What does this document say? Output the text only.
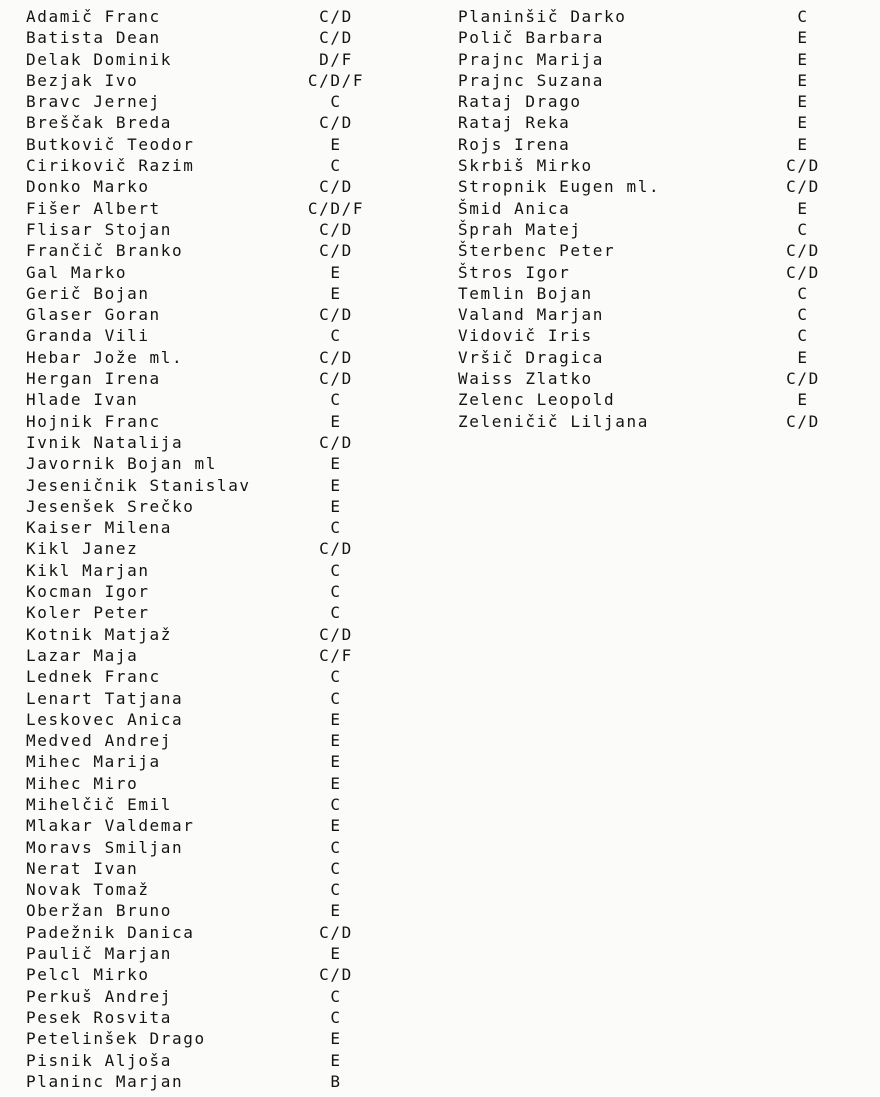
Adamič Franc	C/D
Batista Dean	C/D
Delak Dominik	D/F
Bezjak Ivo	C/D/F
Bravc Jernej	C
Breščak Breda	C/D
Butkovič Teodor	E
Cirikovič Razim	C
Donko Marko	C/D
Fišer Albert	C/D/F
Flisar Stojan	C/D
Frančič Branko	C/D
Gal Marko	E
Gerič Bojan	E
Glaser Goran	C/D
Granda Vili	C
Hebar Jože ml.	C/D
Hergan Irena	C/D
Hlade Ivan	C
Hojnik Franc	E
Ivnik Natalija	C/D
Javornik Bojan ml	E
Jeseničnik Stanislav	E
Jesenšek Srečko	E
Kaiser Milena	C
Kikl Janez	C/D
Kikl Marjan	C
Kocman Igor	C
Koler Peter	C
Kotnik Matjaž	C/D
Lazar Maja	C/F
Lednek Franc	C
Lenart Tatjana	C
Leskovec Anica	E
Medved Andrej	E
Mihec Marija	E
Mihec Miro	E
Mihelčič Emil	C
Mlakar Valdemar	E
Moravs Smiljan	C
Nerat Ivan	C
Novak Tomaž	C
Oberžan Bruno	E
Padežnik Danica	C/D
Paulič Marjan	E
Pelcl Mirko	C/D
Perkuš Andrej	C
Pesek Rosvita	C
Petelinšek Drago	E
Pisnik Aljoša	E
Planinc Marjan	B
Planinšič Darko	C
Polič Barbara	E
Prajnc Marija	E
Prajnc Suzana	E
Rataj Drago	E
Rataj Reka	E
Rojs Irena	E
Skrbiš Mirko	C/D
Stropnik Eugen ml.	C/D
Šmid Anica	E
Šprah Matej	C
Šterbenc Peter	C/D
Štros Igor	C/D
Temlin Bojan	C
Valand Marjan	C
Vidovič Iris	C
Vršič Dragica	E
Waiss Zlatko	C/D
Zelenc Leopold	E
Zeleničič Liljana	C/D
